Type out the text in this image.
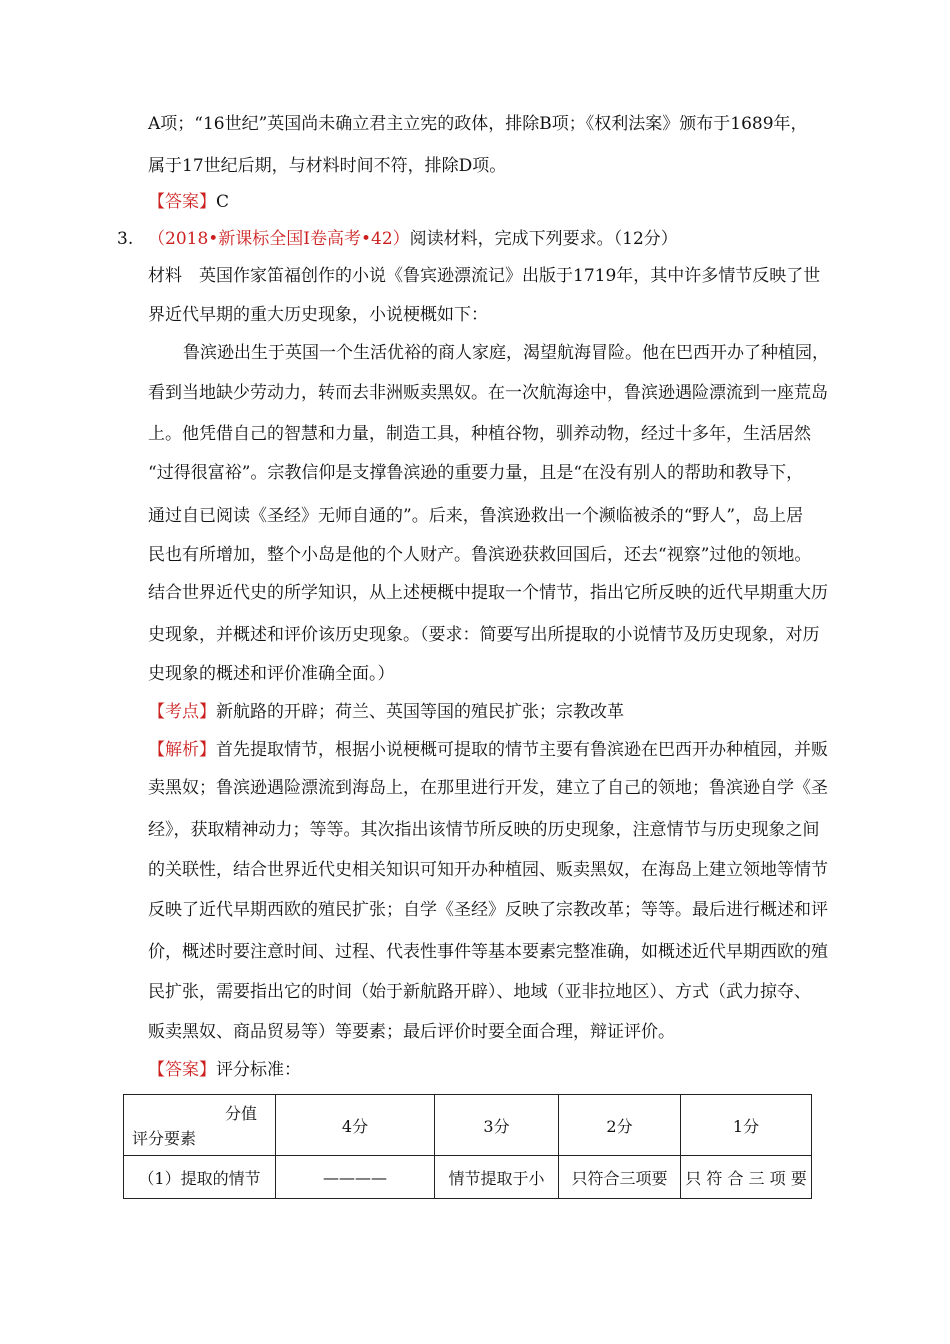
A项；“16世纪”英国尚未确立君主立宪的政体，排除B项；《权利法案》颁布于1689年，
属于17世纪后期，与材料时间不符，排除D项。
【答案】C
3. （2018•新课标全国Ⅰ卷高考•42）阅读材料，完成下列要求。（12分）
材料　英国作家笛福创作的小说《鲁宾逊漂流记》出版于1719年，其中许多情节反映了世
界近代早期的重大历史现象，小说梗概如下：
鲁滨逊出生于英国一个生活优裕的商人家庭，渴望航海冒险。他在巴西开办了种植园，
看到当地缺少劳动力，转而去非洲贩卖黑奴。在一次航海途中，鲁滨逊遇险漂流到一座荒岛
上。他凭借自己的智慧和力量，制造工具，种植谷物，驯养动物，经过十多年，生活居然
“过得很富裕”。宗教信仰是支撑鲁滨逊的重要力量，且是“在没有别人的帮助和教导下，
通过自已阅读《圣经》无师自通的”。后来，鲁滨逊救出一个濒临被杀的“野人”，岛上居
民也有所增加，整个小岛是他的个人财产。鲁滨逊获救回国后，还去“视察”过他的领地。
结合世界近代史的所学知识，从上述梗概中提取一个情节，指出它所反映的近代早期重大历
史现象，并概述和评价该历史现象。（要求：简要写出所提取的小说情节及历史现象，对历
史现象的概述和评价准确全面。）
【考点】新航路的开辟；荷兰、英国等国的殖民扩张；宗教改革
【解析】首先提取情节，根据小说梗概可提取的情节主要有鲁滨逊在巴西开办种植园，并贩
卖黑奴；鲁滨逊遇险漂流到海岛上，在那里进行开发，建立了自己的领地；鲁滨逊自学《圣
经》，获取精神动力；等等。其次指出该情节所反映的历史现象，注意情节与历史现象之间
的关联性，结合世界近代史相关知识可知开办种植园、贩卖黑奴，在海岛上建立领地等情节
反映了近代早期西欧的殖民扩张；自学《圣经》反映了宗教改革；等等。最后进行概述和评
价，概述时要注意时间、过程、代表性事件等基本要素完整准确，如概述近代早期西欧的殖
民扩张，需要指出它的时间（始于新航路开辟）、地域（亚非拉地区）、方式（武力掠夺、
贩卖黑奴、商品贸易等）等要素；最后评价时要全面合理，辩证评价。
【答案】评分标准：
分值
评分要素	4分	3分	2分	1分
（1）提取的情节	————	情节提取于小	只符合三项要	只 符 合 三 项 要
